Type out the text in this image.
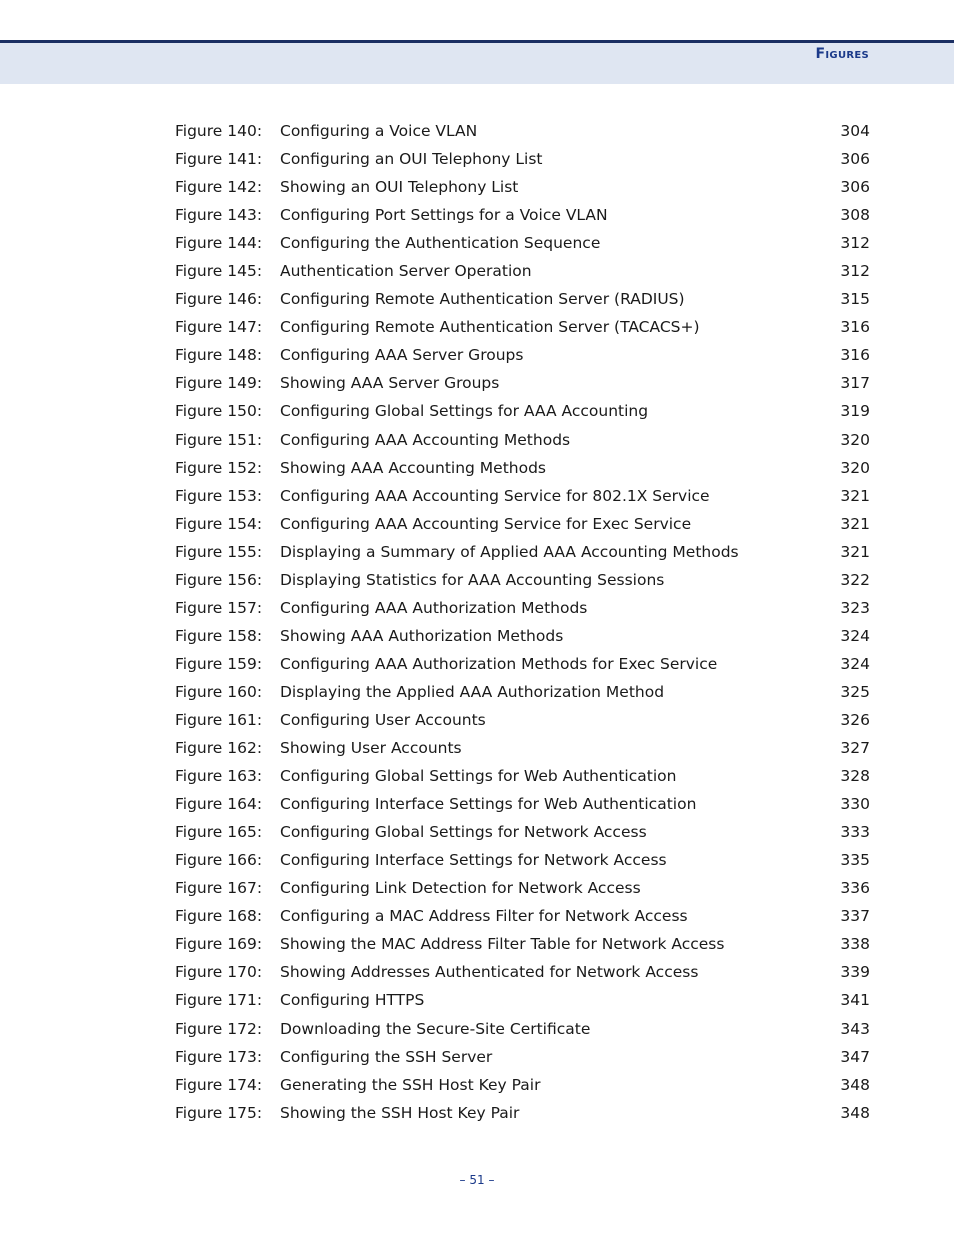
Figures
Figure 140: Configuring a Voice VLAN	304
Figure 141: Configuring an OUI Telephony List	306
Figure 142: Showing an OUI Telephony List	306
Figure 143: Configuring Port Settings for a Voice VLAN	308
Figure 144: Configuring the Authentication Sequence	312
Figure 145: Authentication Server Operation	312
Figure 146: Configuring Remote Authentication Server (RADIUS)	315
Figure 147: Configuring Remote Authentication Server (TACACS+)	316
Figure 148: Configuring AAA Server Groups	316
Figure 149: Showing AAA Server Groups	317
Figure 150: Configuring Global Settings for AAA Accounting	319
Figure 151: Configuring AAA Accounting Methods	320
Figure 152: Showing AAA Accounting Methods	320
Figure 153: Configuring AAA Accounting Service for 802.1X Service	321
Figure 154: Configuring AAA Accounting Service for Exec Service	321
Figure 155: Displaying a Summary of Applied AAA Accounting Methods	321
Figure 156: Displaying Statistics for AAA Accounting Sessions	322
Figure 157: Configuring AAA Authorization Methods	323
Figure 158: Showing AAA Authorization Methods	324
Figure 159: Configuring AAA Authorization Methods for Exec Service	324
Figure 160: Displaying the Applied AAA Authorization Method	325
Figure 161: Configuring User Accounts	326
Figure 162: Showing User Accounts	327
Figure 163: Configuring Global Settings for Web Authentication	328
Figure 164: Configuring Interface Settings for Web Authentication	330
Figure 165: Configuring Global Settings for Network Access	333
Figure 166: Configuring Interface Settings for Network Access	335
Figure 167: Configuring Link Detection for Network Access	336
Figure 168: Configuring a MAC Address Filter for Network Access	337
Figure 169: Showing the MAC Address Filter Table for Network Access	338
Figure 170: Showing Addresses Authenticated for Network Access	339
Figure 171: Configuring HTTPS	341
Figure 172: Downloading the Secure-Site Certificate	343
Figure 173: Configuring the SSH Server	347
Figure 174: Generating the SSH Host Key Pair	348
Figure 175: Showing the SSH Host Key Pair	348
– 51 –
